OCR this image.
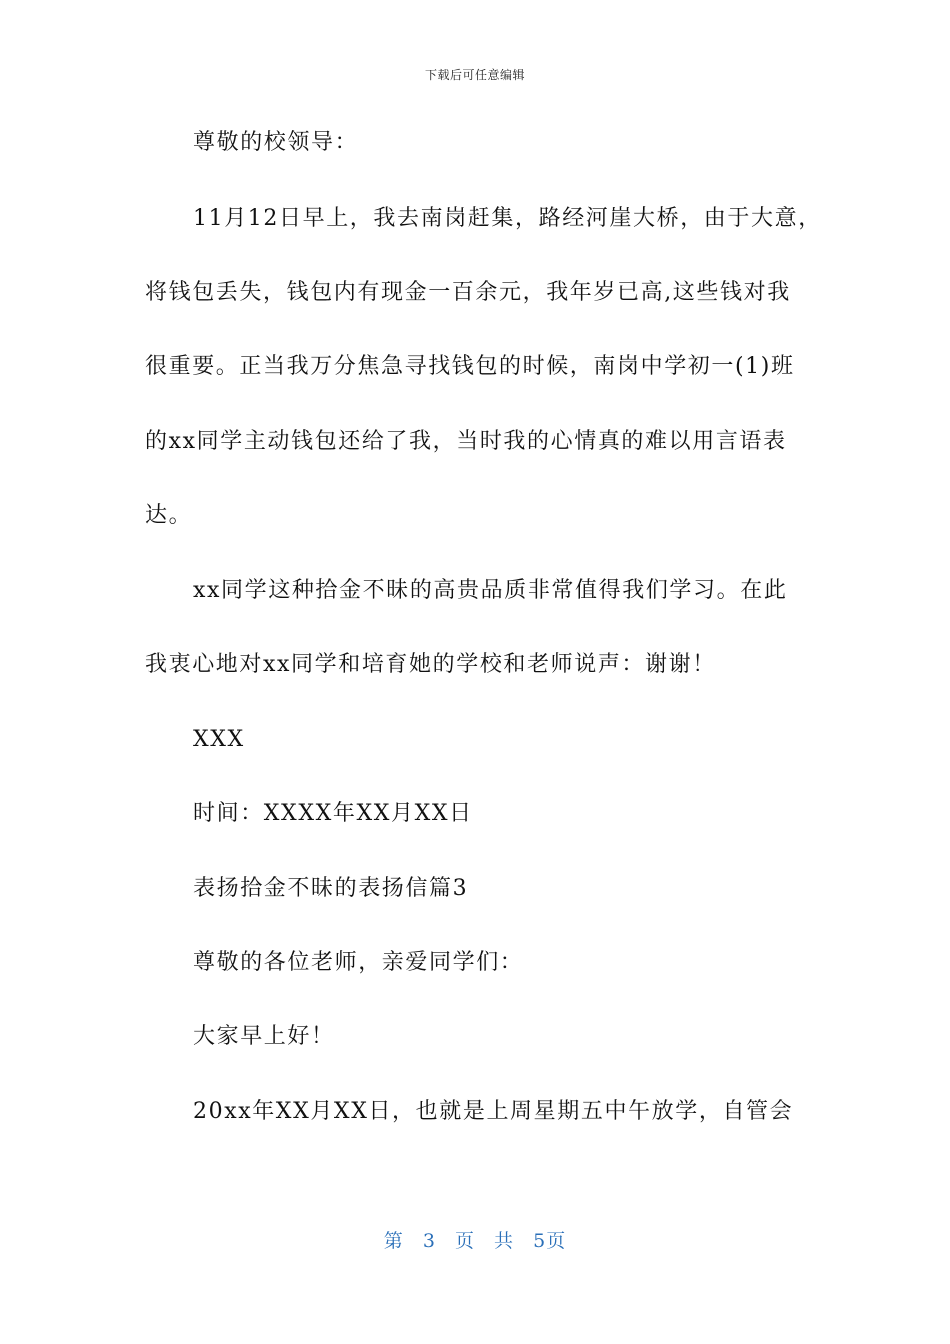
下载后可任意编辑
尊敬的校领导：
11月12日早上，我去南岗赶集，路经河崖大桥，由于大意，
将钱包丢失，钱包内有现金一百余元，我年岁已高,这些钱对我
很重要。正当我万分焦急寻找钱包的时候，南岗中学初一(1)班
的xx同学主动钱包还给了我，当时我的心情真的难以用言语表
达。
xx同学这种拾金不昧的高贵品质非常值得我们学习。在此
我衷心地对xx同学和培育她的学校和老师说声：谢谢！
XXX
时间：XXXX年XX月XX日
表扬拾金不昧的表扬信篇3
尊敬的各位老师，亲爱同学们：
大家早上好！
20xx年XX月XX日，也就是上周星期五中午放学，自管会
第 3 页 共 5页
